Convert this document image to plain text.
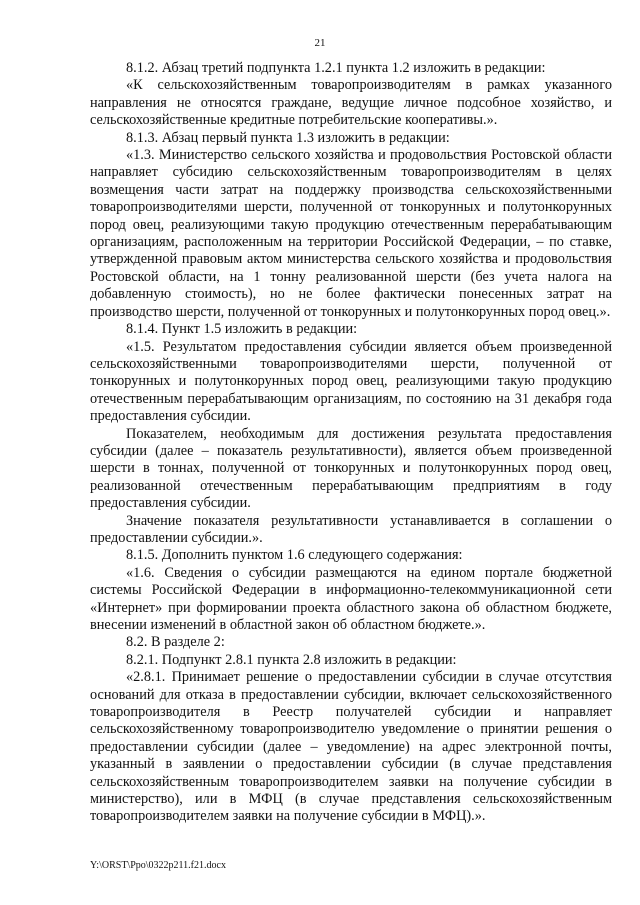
21

8.1.2. Абзац третий подпункта 1.2.1 пункта 1.2 изложить в редакции:

«К сельскохозяйственным товаропроизводителям в рамках указанного направления не относятся граждане, ведущие личное подсобное хозяйство, и сельскохозяйственные кредитные потребительские кооперативы.».

8.1.3. Абзац первый пункта 1.3 изложить в редакции:

«1.3. Министерство сельского хозяйства и продовольствия Ростовской области направляет субсидию сельскохозяйственным товаропроизводителям в целях возмещения части затрат на поддержку производства сельскохозяйственными товаропроизводителями шерсти, полученной от тонкорунных и полутонкорунных пород овец, реализующими такую продукцию отечественным перерабатывающим организациям, расположенным на территории Российской Федерации, – по ставке, утвержденной правовым актом министерства сельского хозяйства и продовольствия Ростовской области, на 1 тонну реализованной шерсти (без учета налога на добавленную стоимость), но не более фактически понесенных затрат на производство шерсти, полученной от тонкорунных и полутонкорунных пород овец.».

8.1.4. Пункт 1.5 изложить в редакции:

«1.5. Результатом предоставления субсидии является объем произведенной сельскохозяйственными товаропроизводителями шерсти, полученной от тонкорунных и полутонкорунных пород овец, реализующими такую продукцию отечественным перерабатывающим организациям, по состоянию на 31 декабря года предоставления субсидии.

Показателем, необходимым для достижения результата предоставления субсидии (далее – показатель результативности), является объем произведенной шерсти в тоннах, полученной от тонкорунных и полутонкорунных пород овец, реализованной отечественным перерабатывающим предприятиям в году предоставления субсидии.

Значение показателя результативности устанавливается в соглашении о предоставлении субсидии.».

8.1.5. Дополнить пунктом 1.6 следующего содержания:

«1.6. Сведения о субсидии размещаются на едином портале бюджетной системы Российской Федерации в информационно-телекоммуникационной сети «Интернет» при формировании проекта областного закона об областном бюджете, внесении изменений в областной закон об областном бюджете.».

8.2. В разделе 2:

8.2.1. Подпункт 2.8.1 пункта 2.8 изложить в редакции:

«2.8.1. Принимает решение о предоставлении субсидии в случае отсутствия оснований для отказа в предоставлении субсидии, включает сельскохозяйственного товаропроизводителя в Реестр получателей субсидии и направляет сельскохозяйственному товаропроизводителю уведомление о принятии решения о предоставлении субсидии (далее – уведомление) на адрес электронной почты, указанный в заявлении о предоставлении субсидии (в случае представления сельскохозяйственным товаропроизводителем заявки на получение субсидии в министерство), или в МФЦ (в случае представления сельскохозяйственным товаропроизводителем заявки на получение субсидии в МФЦ).».

Y:\ORST\Ppo\0322p211.f21.docx
